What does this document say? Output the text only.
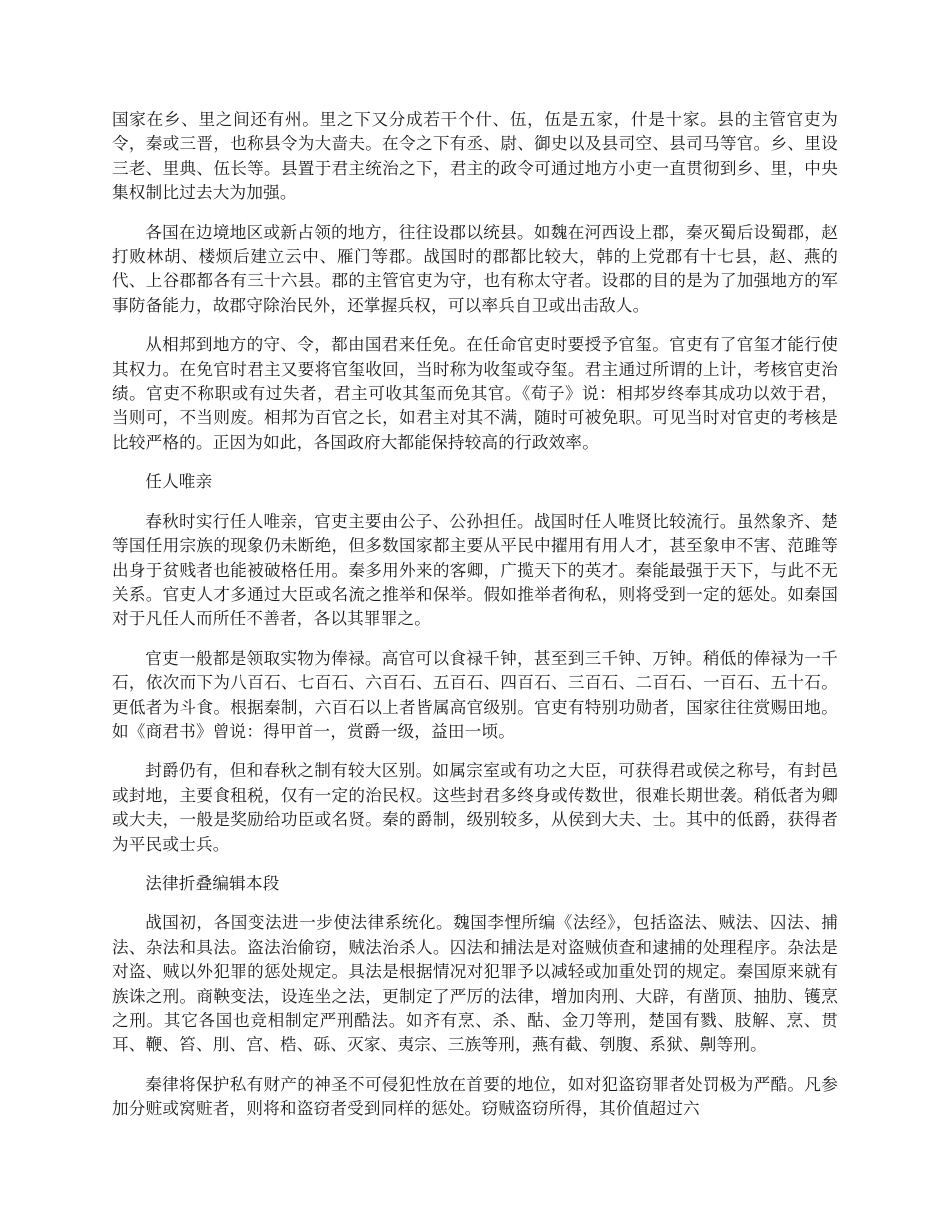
国家在乡、里之间还有州。里之下又分成若干个什、伍，伍是五家，什是十家。县的主管官吏为令，秦或三晋，也称县令为大啬夫。在令之下有丞、尉、御史以及县司空、县司马等官。乡、里设三老、里典、伍长等。县置于君主统治之下，君主的政令可通过地方小吏一直贯彻到乡、里，中央集权制比过去大为加强。

各国在边境地区或新占领的地方，往往设郡以统县。如魏在河西设上郡，秦灭蜀后设蜀郡，赵打败林胡、楼烦后建立云中、雁门等郡。战国时的郡都比较大，韩的上党郡有十七县，赵、燕的代、上谷郡都各有三十六县。郡的主管官吏为守，也有称太守者。设郡的目的是为了加强地方的军事防备能力，故郡守除治民外，还掌握兵权，可以率兵自卫或出击敌人。

从相邦到地方的守、令，都由国君来任免。在任命官吏时要授予官玺。官吏有了官玺才能行使其权力。在免官时君主又要将官玺收回，当时称为收玺或夺玺。君主通过所谓的上计，考核官吏治绩。官吏不称职或有过失者，君主可收其玺而免其官。《荀子》说：相邦岁终奉其成功以效于君，当则可，不当则废。相邦为百官之长，如君主对其不满，随时可被免职。可见当时对官吏的考核是比较严格的。正因为如此，各国政府大都能保持较高的行政效率。

任人唯亲

春秋时实行任人唯亲，官吏主要由公子、公孙担任。战国时任人唯贤比较流行。虽然象齐、楚等国任用宗族的现象仍未断绝，但多数国家都主要从平民中擢用有用人才，甚至象申不害、范雎等出身于贫贱者也能被破格任用。秦多用外来的客卿，广揽天下的英才。秦能最强于天下，与此不无关系。官吏人才多通过大臣或名流之推举和保举。假如推举者徇私，则将受到一定的惩处。如秦国对于凡任人而所任不善者，各以其罪罪之。

官吏一般都是领取实物为俸禄。高官可以食禄千钟，甚至到三千钟、万钟。稍低的俸禄为一千石，依次而下为八百石、七百石、六百石、五百石、四百石、三百石、二百石、一百石、五十石。更低者为斗食。根据秦制，六百石以上者皆属高官级别。官吏有特别功勋者，国家往往赏赐田地。如《商君书》曾说：得甲首一，赏爵一级，益田一顷。

封爵仍有，但和春秋之制有较大区别。如属宗室或有功之大臣，可获得君或侯之称号，有封邑或封地，主要食租税，仅有一定的治民权。这些封君多终身或传数世，很难长期世袭。稍低者为卿或大夫，一般是奖励给功臣或名贤。秦的爵制，级别较多，从侯到大夫、士。其中的低爵，获得者为平民或士兵。

法律折叠编辑本段

战国初，各国变法进一步使法律系统化。魏国李悝所编《法经》，包括盗法、贼法、囚法、捕法、杂法和具法。盗法治偷窃，贼法治杀人。囚法和捕法是对盗贼侦查和逮捕的处理程序。杂法是对盗、贼以外犯罪的惩处规定。具法是根据情况对犯罪予以减轻或加重处罚的规定。秦国原来就有族诛之刑。商鞅变法，设连坐之法，更制定了严厉的法律，增加肉刑、大辟，有凿顶、抽肋、镬烹之刑。其它各国也竞相制定严刑酷法。如齐有烹、杀、酤、金刀等刑，楚国有戮、肢解、烹、贯耳、鞭、笞、刖、宫、梏、砾、灭家、夷宗、三族等刑，燕有截、刳腹、系狱、劓等刑。

秦律将保护私有财产的神圣不可侵犯性放在首要的地位，如对犯盗窃罪者处罚极为严酷。凡参加分赃或窝赃者，则将和盗窃者受到同样的惩处。窃贼盗窃所得，其价值超过六
